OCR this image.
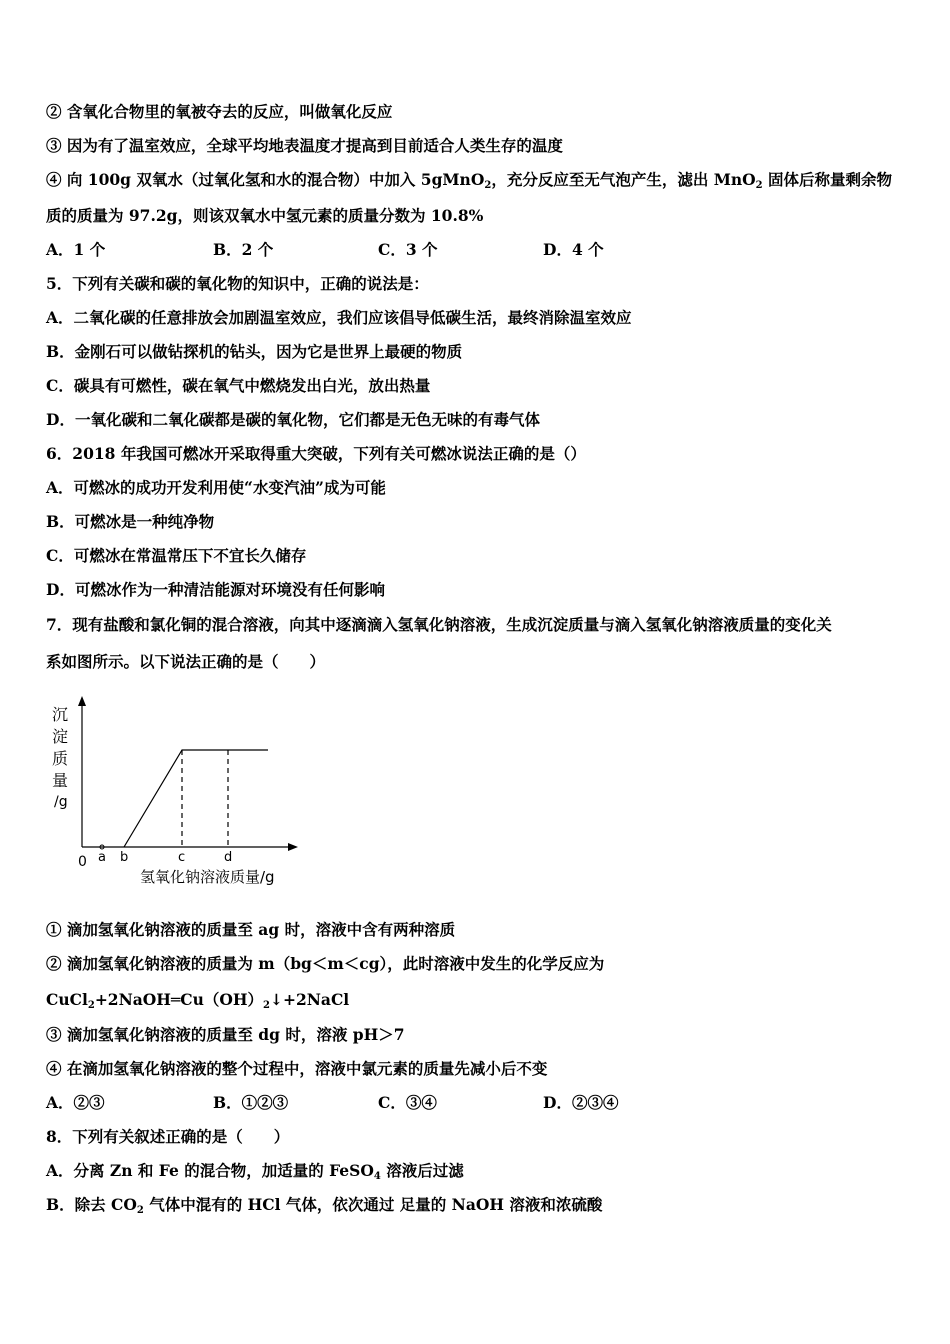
② 含氧化合物里的氧被夺去的反应，叫做氧化反应
③ 因为有了温室效应，全球平均地表温度才提高到目前适合人类生存的温度
④ 向 100g 双氧水（过氧化氢和水的混合物）中加入 5gMnO$_2$，充分反应至无气泡产生，滤出 MnO$_2$ 固体后称量剩余物
质的质量为 97.2g，则该双氧水中氢元素的质量分数为 10.8%
A．1 个	B．2 个	C．3 个	D．4 个
5．下列有关碳和碳的氧化物的知识中，正确的说法是：
A．二氧化碳的任意排放会加剧温室效应，我们应该倡导低碳生活，最终消除温室效应
B．金刚石可以做钻探机的钻头，因为它是世界上最硬的物质
C．碳具有可燃性，碳在氧气中燃烧发出白光，放出热量
D．一氧化碳和二氧化碳都是碳的氧化物，它们都是无色无味的有毒气体
6．2018 年我国可燃冰开采取得重大突破，下列有关可燃冰说法正确的是（）
A．可燃冰的成功开发利用使“水变汽油”成为可能
B．可燃冰是一种纯净物
C．可燃冰在常温常压下不宜长久储存
D．可燃冰作为一种清洁能源对环境没有任何影响
7．现有盐酸和氯化铜的混合溶液，向其中逐滴滴入氢氧化钠溶液，生成沉淀质量与滴入氢氧化钠溶液质量的变化关
系如图所示。以下说法正确的是（　　）
沉
淀
质
量
/g
0 a b	c	d
氢氧化钠溶液质量/g
① 滴加氢氧化钠溶液的质量至 ag 时，溶液中含有两种溶质
② 滴加氢氧化钠溶液的质量为 m（bg＜m＜cg），此时溶液中发生的化学反应为
$CuCl_2+2NaOH═Cu(OH)_2↓+2NaCl$
③ 滴加氢氧化钠溶液的质量至 dg 时，溶液 pH＞7
④ 在滴加氢氧化钠溶液的整个过程中，溶液中氯元素的质量先减小后不变
A．②③	B．①②③	C．③④	D．②③④
8．下列有关叙述正确的是（　　）
A．分离 Zn 和 Fe 的混合物，加适量的 FeSO$_4$ 溶液后过滤
B．除去 $CO_2$ 气体中混有的 HCl 气体，依次通过 足量的 NaOH 溶液和浓硫酸
